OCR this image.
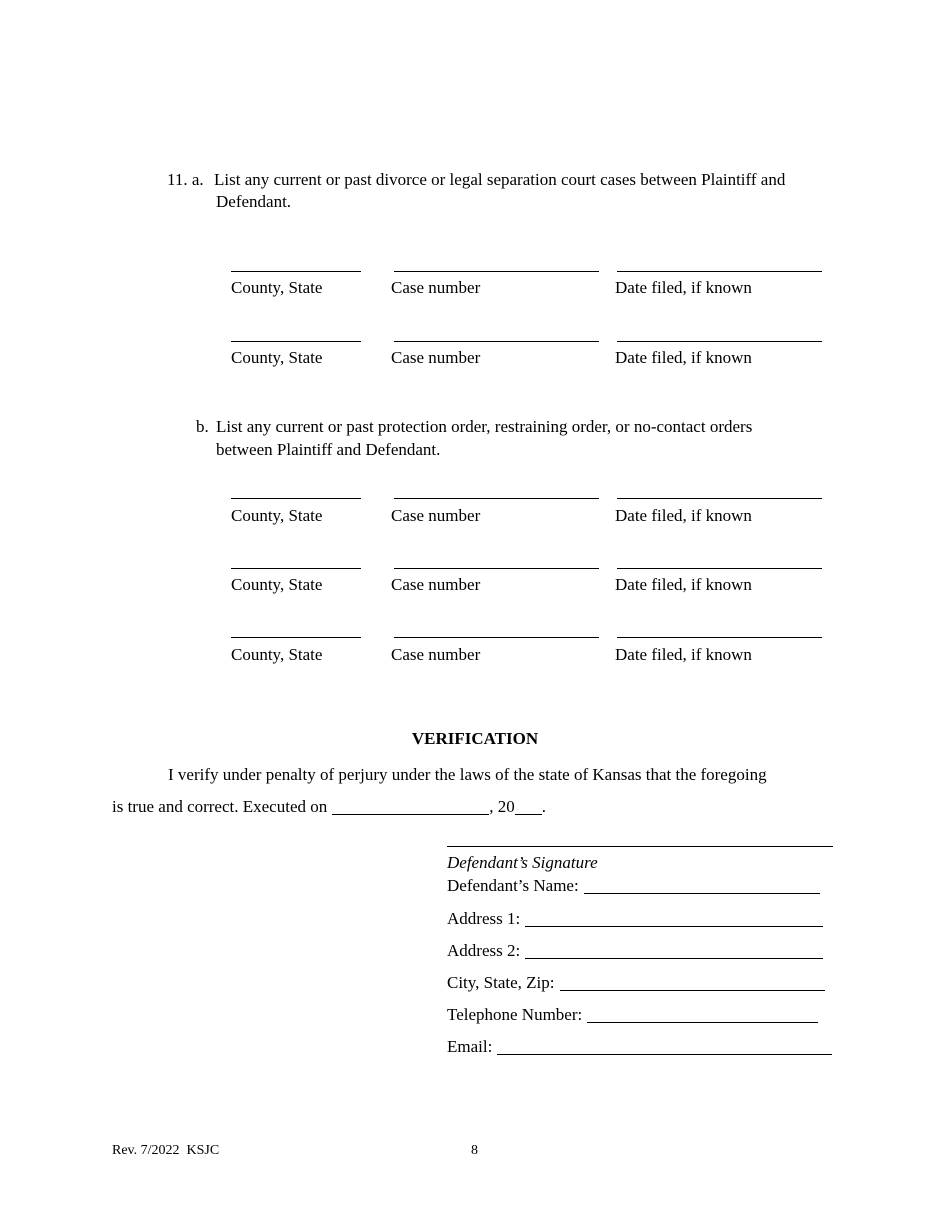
11. a. List any current or past divorce or legal separation court cases between Plaintiff and
Defendant.
County, State	Case number	Date filed, if known
County, State	Case number	Date filed, if known
b. List any current or past protection order, restraining order, or no-contact orders
between Plaintiff and Defendant.
County, State	Case number	Date filed, if known
County, State	Case number	Date filed, if known
County, State	Case number	Date filed, if known
VERIFICATION
I verify under penalty of perjury under the laws of the state of Kansas that the foregoing
is true and correct. Executed on	, 20 .
Defendant’s Signature
Defendant’s Name:
Address 1:
Address 2:
City, State, Zip:
Telephone Number:
Email:
Rev. 7/2022  KSJC	8
